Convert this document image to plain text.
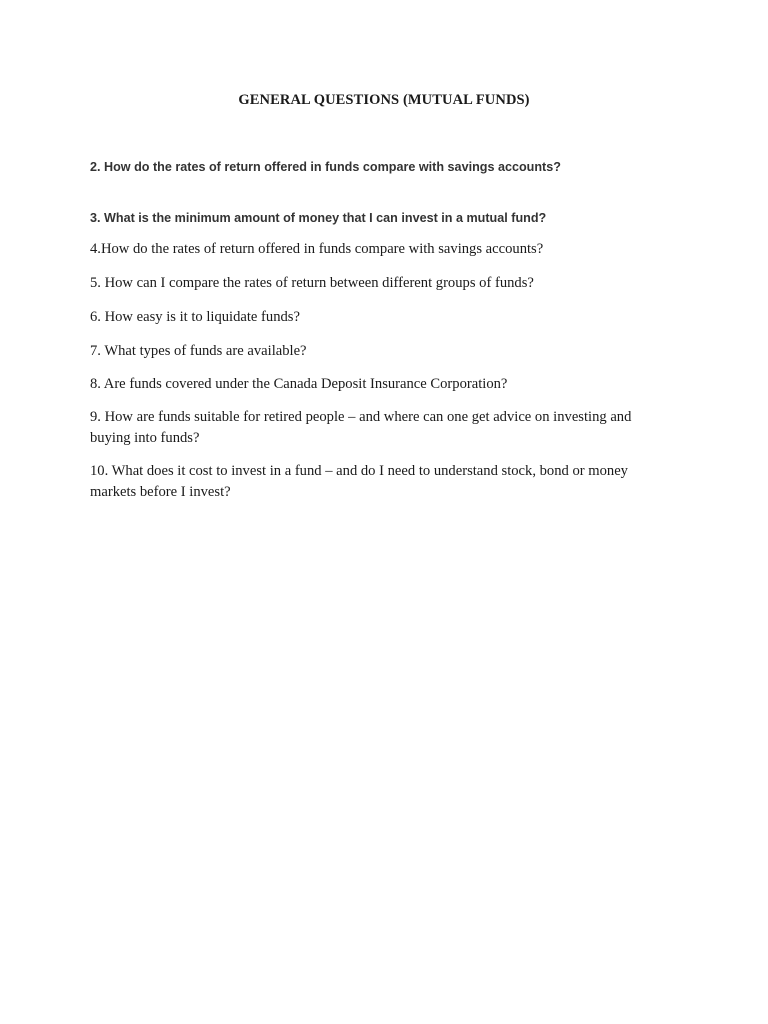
GENERAL QUESTIONS (MUTUAL FUNDS)

2. How do the rates of return offered in funds compare with savings accounts?

3. What is the minimum amount of money that I can invest in a mutual fund?

4.How do the rates of return offered in funds compare with savings accounts?

5. How can I compare the rates of return between different groups of funds?

6. How easy is it to liquidate funds?

7. What types of funds are available?

8. Are funds covered under the Canada Deposit Insurance Corporation?

9. How are funds suitable for retired people – and where can one get advice on investing and buying into funds?

10. What does it cost to invest in a fund – and do I need to understand stock, bond or money markets before I invest?
